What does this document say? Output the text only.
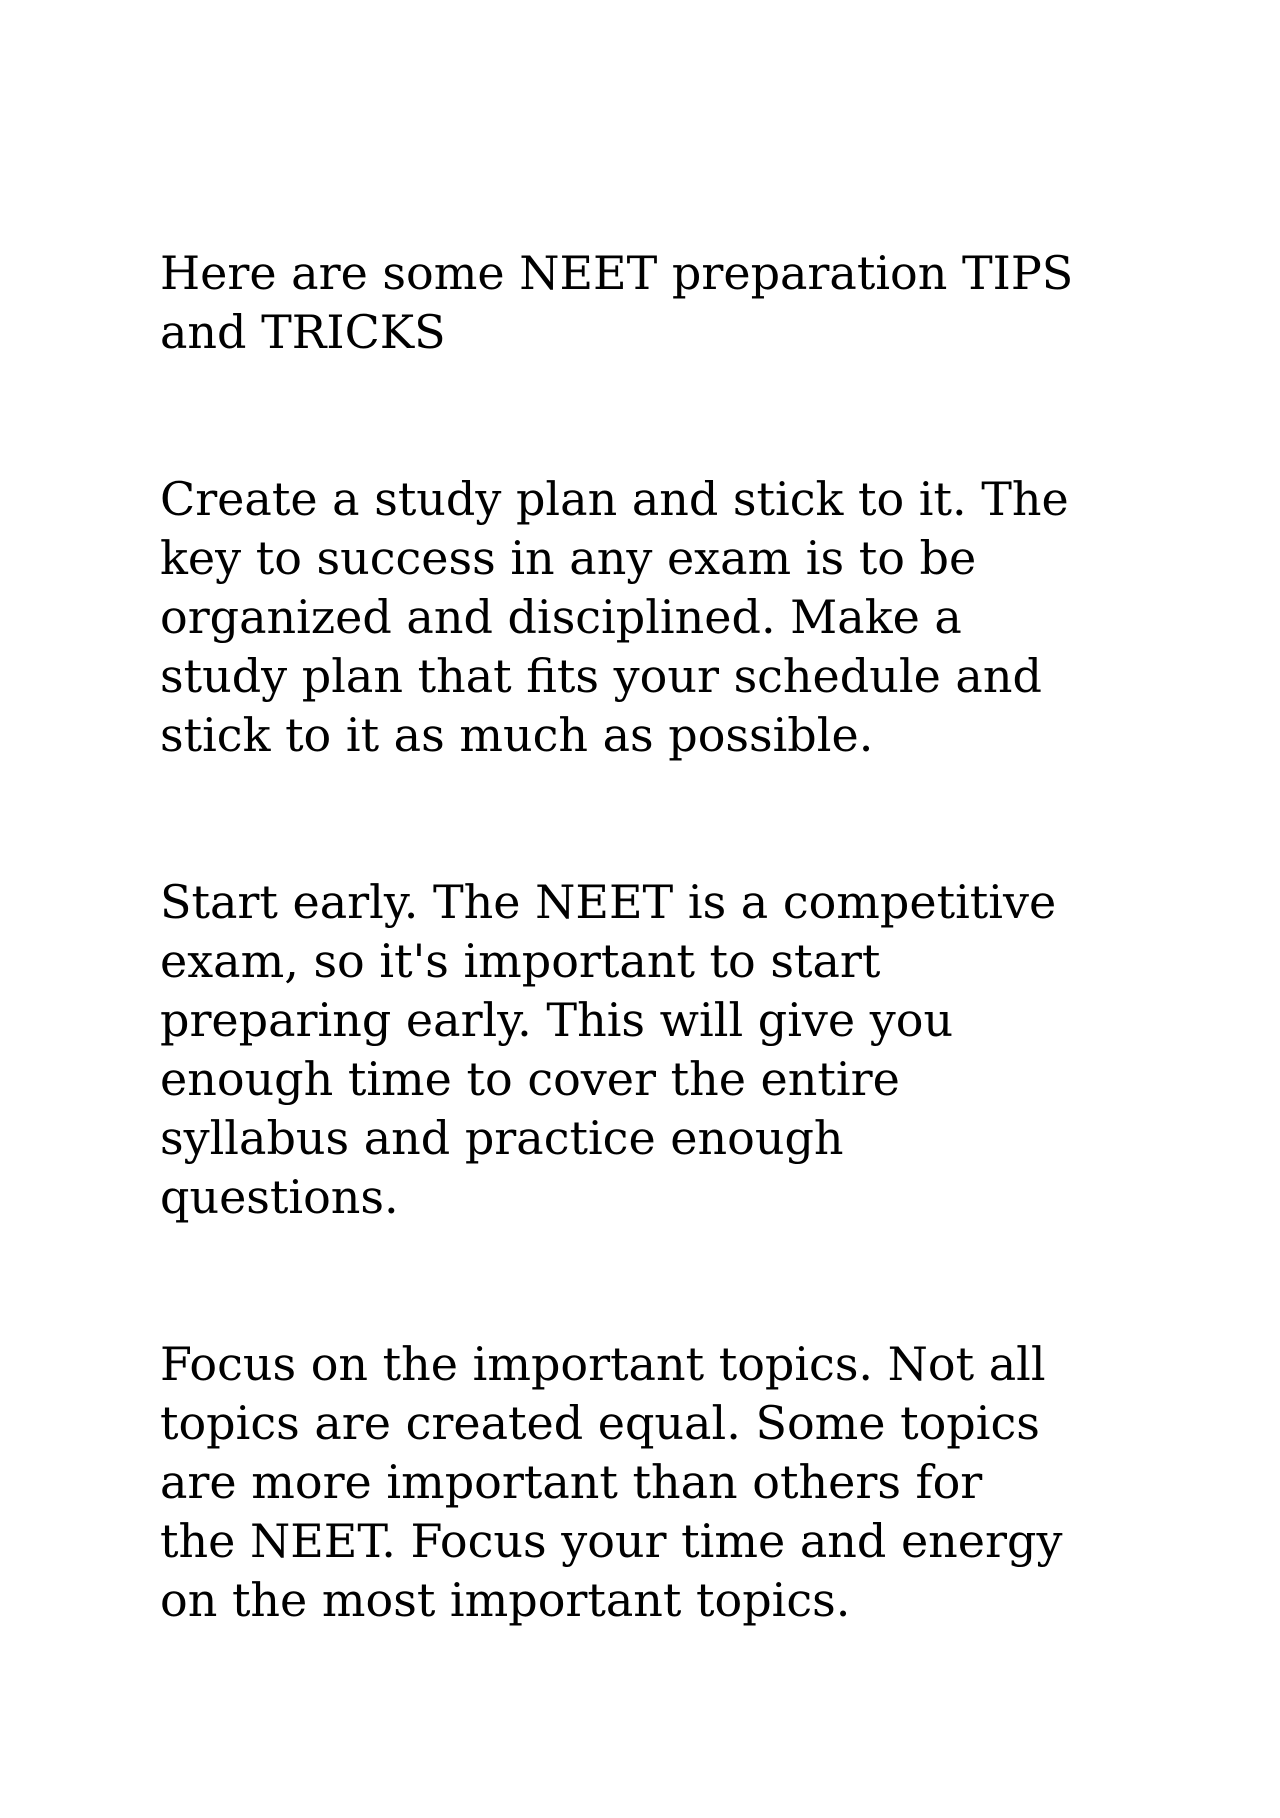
Here are some NEET preparation TIPS
and TRICKS

Create a study plan and stick to it. The
key to success in any exam is to be
organized and disciplined. Make a
study plan that fits your schedule and
stick to it as much as possible.

Start early. The NEET is a competitive
exam, so it's important to start
preparing early. This will give you
enough time to cover the entire
syllabus and practice enough
questions.

Focus on the important topics. Not all
topics are created equal. Some topics
are more important than others for
the NEET. Focus your time and energy
on the most important topics.
